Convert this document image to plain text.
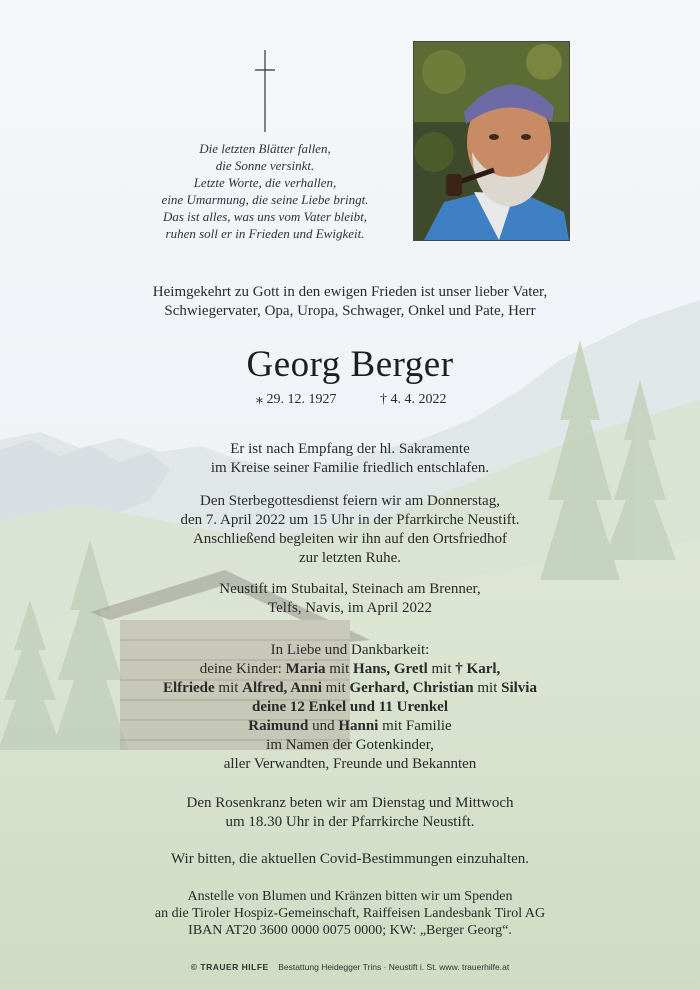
Die letzten Blätter fallen,
die Sonne versinkt.
Letzte Worte, die verhallen,
eine Umarmung, die seine Liebe bringt.
Das ist alles, was uns vom Vater bleibt,
ruhen soll er in Frieden und Ewigkeit.
Heimgekehrt zu Gott in den ewigen Frieden ist unser lieber Vater,
Schwiegervater, Opa, Uropa, Schwager, Onkel und Pate, Herr
Georg Berger
⁎ 29. 12. 1927	† 4. 4. 2022
Er ist nach Empfang der hl. Sakramente
im Kreise seiner Familie friedlich entschlafen.
Den Sterbegottesdienst feiern wir am Donnerstag,
den 7. April 2022 um 15 Uhr in der Pfarrkirche Neustift.
Anschließend begleiten wir ihn auf den Ortsfriedhof
zur letzten Ruhe.
Neustift im Stubaital, Steinach am Brenner,
Telfs, Navis, im April 2022
In Liebe und Dankbarkeit:
deine Kinder: Maria mit Hans, Gretl mit † Karl,
Elfriede mit Alfred, Anni mit Gerhard, Christian mit Silvia
deine 12 Enkel und 11 Urenkel
Raimund und Hanni mit Familie
im Namen der Gotenkinder,
aller Verwandten, Freunde und Bekannten
Den Rosenkranz beten wir am Dienstag und Mittwoch
um 18.30 Uhr in der Pfarrkirche Neustift.
Wir bitten, die aktuellen Covid-Bestimmungen einzuhalten.
Anstelle von Blumen und Kränzen bitten wir um Spenden
an die Tiroler Hospiz-Gemeinschaft, Raiffeisen Landesbank Tirol AG
IBAN AT20 3600 0000 0075 0000; KW: „Berger Georg“.
© TRAUER HILFE Bestattung Heidegger Trins · Neustift i. St. www. trauerhilfe.at
